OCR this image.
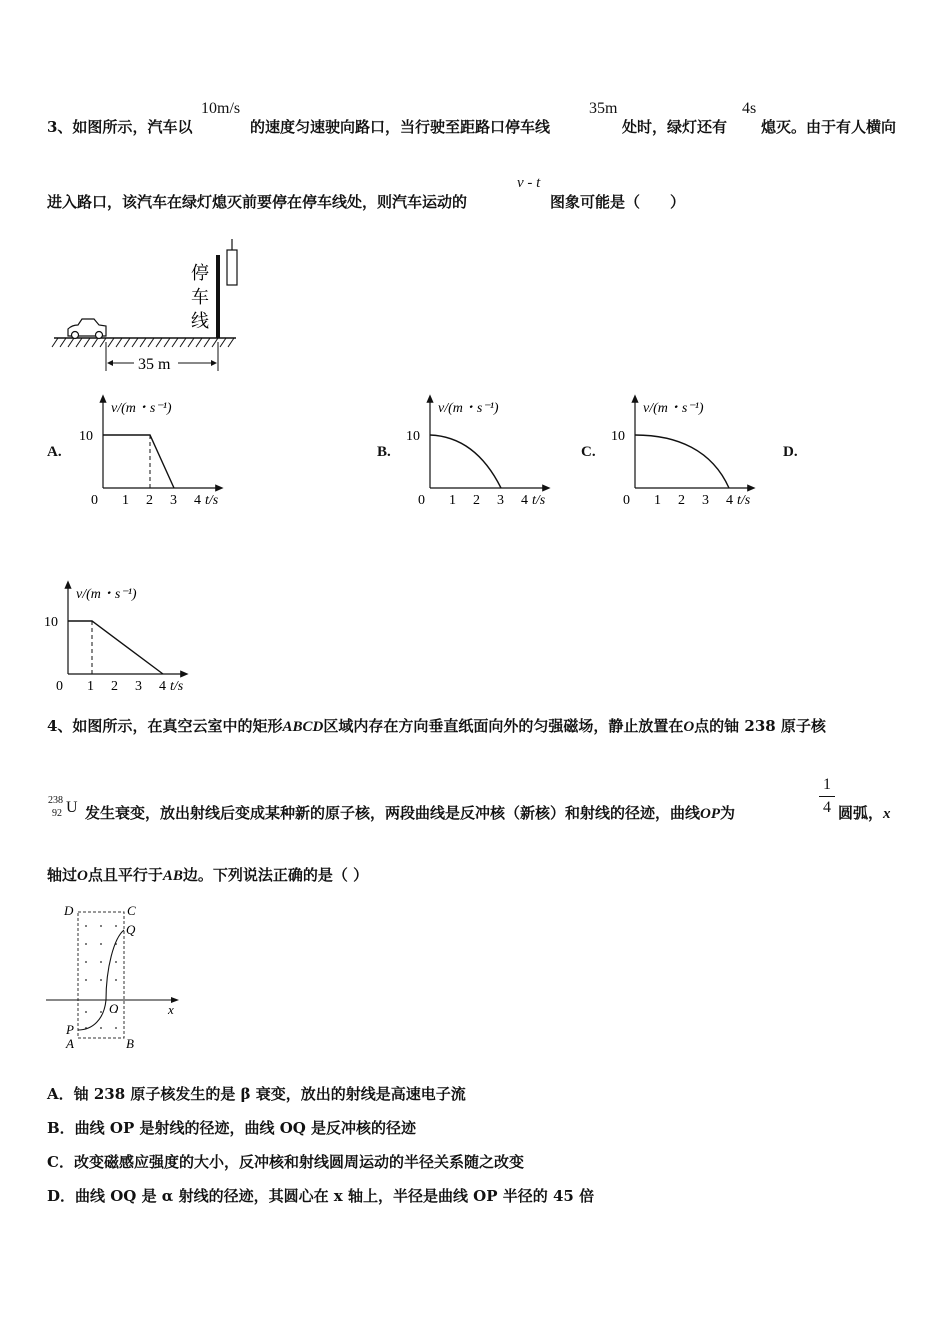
3、如图所示，汽车以
10m/s
的速度匀速驶向路口，当行驶至距路口停车线
35m
处时，绿灯还有
4s
熄灭。由于有人横向
进入路口，该汽车在绿灯熄灭前要停在停车线处，则汽车运动的
v - t
图象可能是（　　）
停
车
线
35 m
A.	B.	C.	D.
v/(m・s⁻¹)
10
0 1 2 3 4 t/s
v/(m・s⁻¹)
10
0 1 2 3 4 t/s
v/(m・s⁻¹)
10
0 1 2 3 4 t/s
v/(m・s⁻¹)
10
0 1 2 3 4 t/s
4、如图所示，在真空云室中的矩形ABCD区域内存在方向垂直纸面向外的匀强磁场，静止放置在O点的铀 238 原子核
238
92 U 发生衰变，放出射线后变成某种新的原子核，两段曲线是反冲核（新核）和射线的径迹，曲线OP为
1
4 圆弧，x
轴过O点且平行于AB边。下列说法正确的是（ ）
D	C
Q
O
P
A	B
x
A．铀 238 原子核发生的是 β 衰变，放出的射线是高速电子流
B．曲线 OP 是射线的径迹，曲线 OQ 是反冲核的径迹
C．改变磁感应强度的大小，反冲核和射线圆周运动的半径关系随之改变
D．曲线 OQ 是 α 射线的径迹，其圆心在 x 轴上，半径是曲线 OP 半径的 45 倍
